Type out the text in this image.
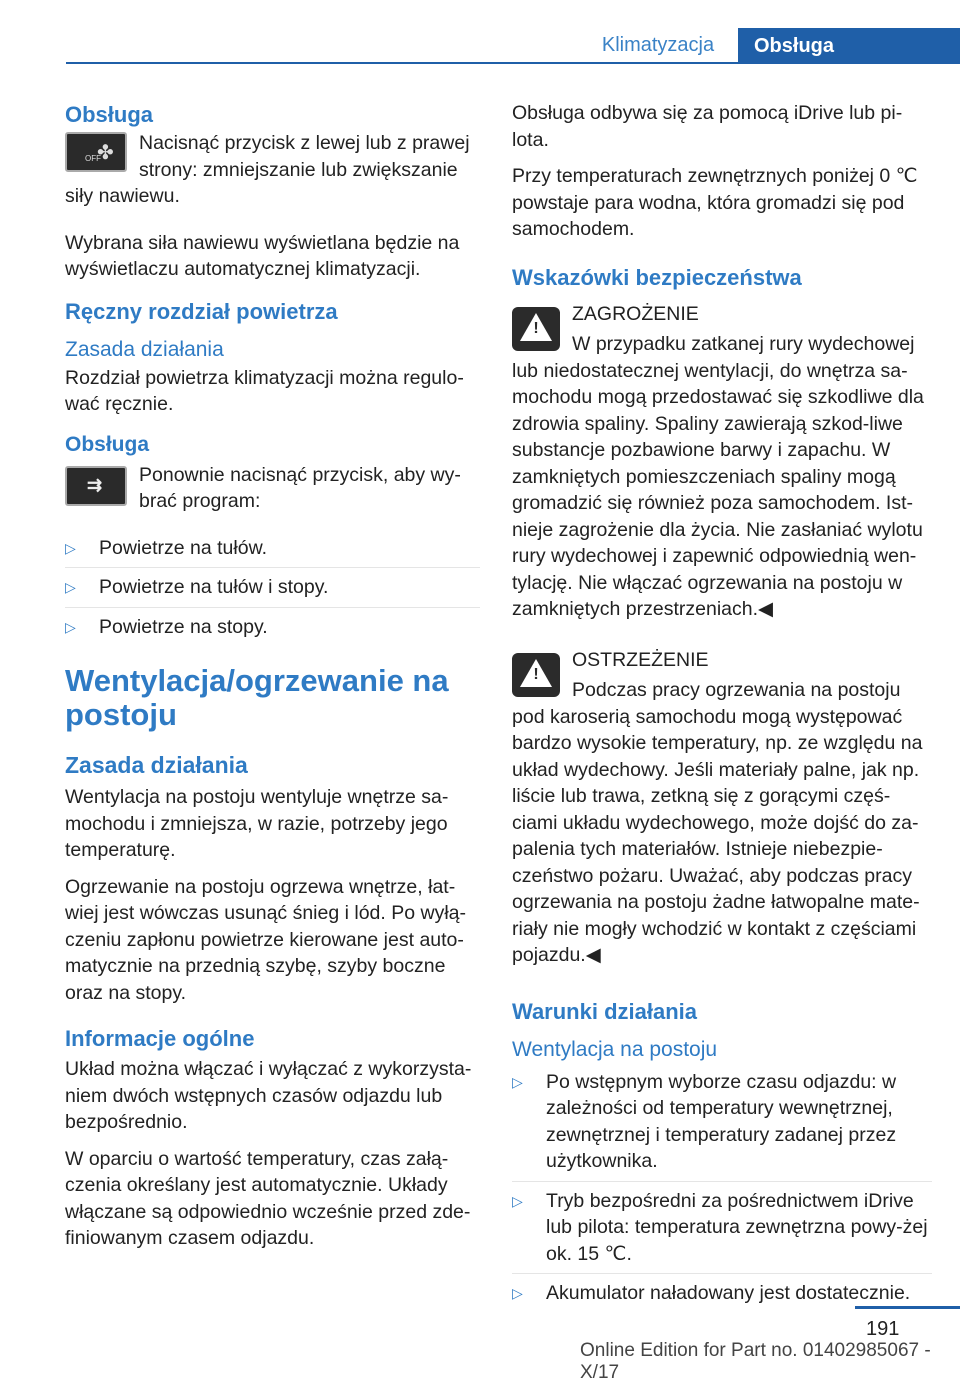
Klimatyzacja	Obsługa
Obsługa
OFF
✤	Nacisnąć przycisk z lewej lub z prawej strony: zmniejszanie lub zwiększanie siły nawiewu.

Wybrana siła nawiewu wyświetlana będzie na wyświetlaczu automatycznej klimatyzacji.

Ręczny rozdział powietrza
Zasada działania

Rozdział powietrza klimatyzacji można regulo‐wać ręcznie.

Obsługa
⇉	Ponownie nacisnąć przycisk, aby wy‐brać program:

▷ Powietrze na tułów.
▷ Powietrze na tułów i stopy.
▷ Powietrze na stopy.
Wentylacja/ogrzewanie na postoju
Zasada działania

Wentylacja na postoju wentyluje wnętrze sa‐mochodu i zmniejsza, w razie, potrzeby jego temperaturę.

Ogrzewanie na postoju ogrzewa wnętrze, łat‐wiej jest wówczas usunąć śnieg i lód. Po wyłą‐czeniu zapłonu powietrze kierowane jest auto‐matycznie na przednią szybę, szyby boczne oraz na stopy.

Informacje ogólne

Układ można włączać i wyłączać z wykorzysta‐niem dwóch wstępnych czasów odjazdu lub bezpośrednio.

W oparciu o wartość temperatury, czas załą‐czenia określany jest automatycznie. Układy włączane są odpowiednio wcześnie przed zde‐finiowanym czasem odjazdu.

Obsługa odbywa się za pomocą iDrive lub pi‐lota.

Przy temperaturach zewnętrznych poniżej 0 ℃ powstaje para wodna, która gromadzi się pod samochodem.

Wskazówki bezpieczeństwa
!

ZAGROŻENIE

W przypadku zatkanej rury wydechowej lub niedostatecznej wentylacji, do wnętrza sa‐mochodu mogą przedostawać się szkodliwe dla zdrowia spaliny. Spaliny zawierają szkod‐liwe substancje pozbawione barwy i zapachu. W zamkniętych pomieszczeniach spaliny mogą gromadzić się również poza samochodem. Ist‐nieje zagrożenie dla życia. Nie zasłaniać wylotu rury wydechowej i zapewnić odpowiednią wen‐tylację. Nie włączać ogrzewania na postoju w zamkniętych przestrzeniach.◀

!

OSTRZEŻENIE

Podczas pracy ogrzewania na postoju pod karoserią samochodu mogą występować bardzo wysokie temperatury, np. ze względu na układ wydechowy. Jeśli materiały palne, jak np. liście lub trawa, zetkną się z gorącymi częś‐ciami układu wydechowego, może dojść do za‐palenia tych materiałów. Istnieje niebezpie‐czeństwo pożaru. Uważać, aby podczas pracy ogrzewania na postoju żadne łatwopalne mate‐riały nie mogły wchodzić w kontakt z częściami pojazdu.◀

Warunki działania
Wentylacja na postoju
▷ Po wstępnym wyborze czasu odjazdu: w zależności od temperatury wewnętrznej, zewnętrznej i temperatury zadanej przez użytkownika.
▷ Tryb bezpośredni za pośrednictwem iDrive lub pilota: temperatura zewnętrzna powy‐żej ok. 15 ℃.
▷ Akumulator naładowany jest dostatecznie.
191
Online Edition for Part no. 01402985067 - X/17
